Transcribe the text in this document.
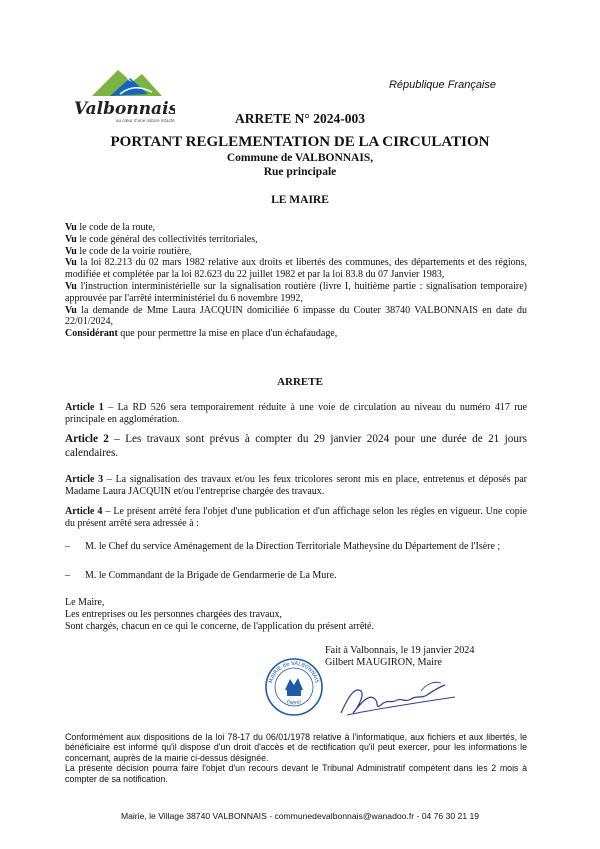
Valbonnais
au cœur d'une nature intacte
République Française
ARRETE N° 2024-003
PORTANT REGLEMENTATION DE LA CIRCULATION
Commune de VALBONNAIS,
Rue principale
LE MAIRE

Vu le code de la route,

Vu le code général des collectivités territoriales,

Vu le code de la voirie routière,

Vu la loi 82.213 du 02 mars 1982 relative aux droits et libertés des communes, des départements et des régions, modifiée et complétée par la loi 82.623 du 22 juillet 1982 et par la loi 83.8 du 07 Janvier 1983,

Vu l'instruction interministérielle sur la signalisation routière (livre I, huitième partie : signalisation temporaire) approuvée par l'arrêté interministériel du 6 novembre 1992,

Vu la demande de Mme Laura JACQUIN domiciliée 6 impasse du Couter 38740 VALBONNAIS en date du 22/01/2024,

Considérant que pour permettre la mise en place d'un échafaudage,

ARRETE

Article 1 – La RD 526 sera temporairement réduite à une voie de circulation au niveau du numéro 417 rue principale en agglomération.

Article 2 – Les travaux sont prévus à compter du 29 janvier 2024 pour une durée de 21 jours calendaires.

Article 3 – La signalisation des travaux et/ou les feux tricolores seront mis en place, entretenus et déposés par Madame Laura JACQUIN et/ou l'entreprise chargée des travaux.

Article 4 – Le présent arrêté fera l'objet d'une publication et d'un affichage selon les règles en vigueur. Une copie du présent arrêté sera adressée à :

– M. le Chef du service Aménagement de la Direction Territoriale Matheysine du Département de l'Isère ;
– M. le Commandant de la Brigade de Gendarmerie de La Mure.

Le Maire,

Les entreprises ou les personnes chargées des travaux,

Sont chargés, chacun en ce qui le concerne, de l'application du présent arrêté.

Fait à Valbonnais, le 19 janvier 2024
Gilbert MAUGIRON, Maire
MAIRIE de VALBONNAIS
(Isère)

Conformément aux dispositions de la loi 78-17 du 06/01/1978 relative à l'informatique, aux fichiers et aux libertés, le bénéficiaire est informé qu'il dispose d'un droit d'accès et de rectification qu'il peut exercer, pour les informations le concernant, auprès de la mairie ci-dessus désignée.

La présente décision pourra faire l'objet d'un recours devant le Tribunal Administratif compétent dans les 2 mois à compter de sa notification.

Mairie, le Village 38740 VALBONNAIS - communedevalbonnais@wanadoo.fr - 04 76 30 21 19
